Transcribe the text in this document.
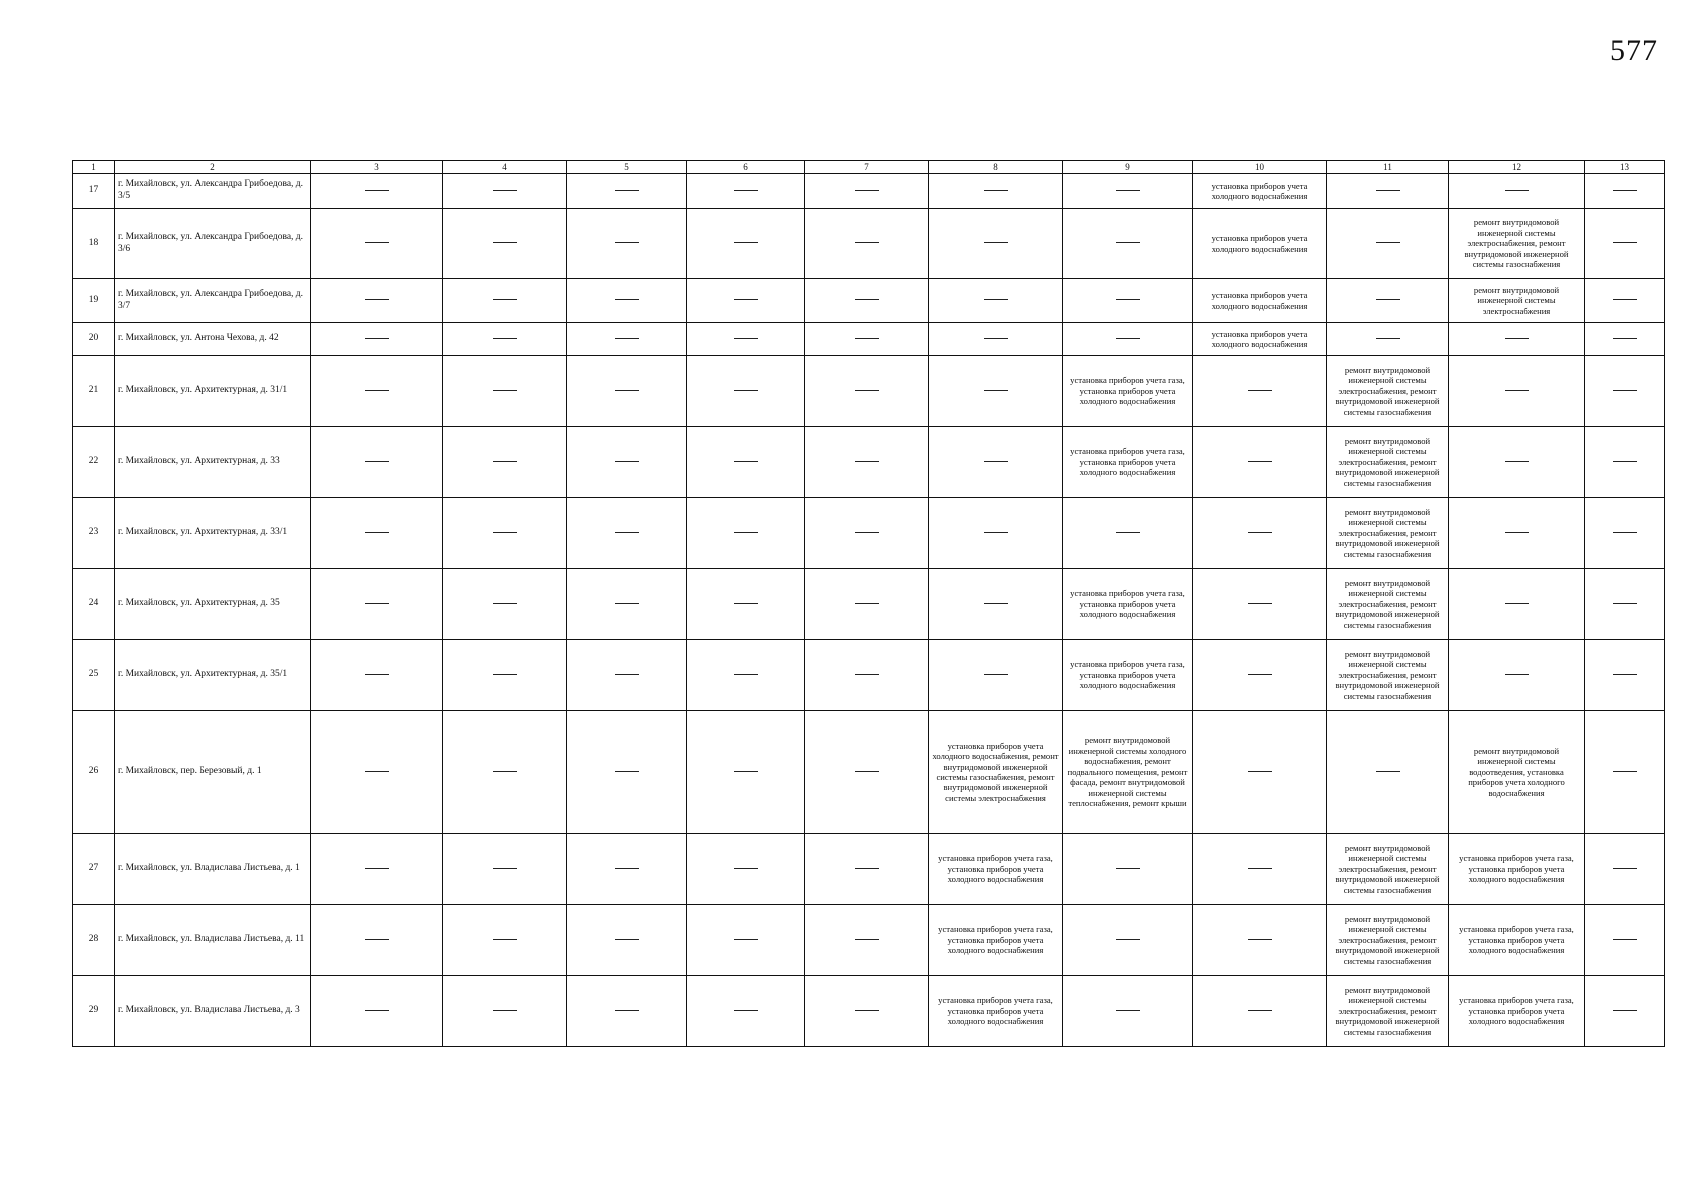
577
1	2	3	4	5	6	7	8	9	10	11	12	13
17	г. Михайловск, ул. Александра Грибоедова, д. 3/5								установка приборов учета холодного водоснабжения			
18	г. Михайловск, ул. Александра Грибоедова, д. 3/6								установка приборов учета холодного водоснабжения		ремонт внутридомовой инженерной системы электроснабжения, ремонт внутридомовой инженерной системы газоснабжения	
19	г. Михайловск, ул. Александра Грибоедова, д. 3/7								установка приборов учета холодного водоснабжения		ремонт внутридомовой инженерной системы электроснабжения	
20	г. Михайловск, ул. Антона Чехова, д. 42								установка приборов учета холодного водоснабжения			
21	г. Михайловск, ул. Архитектурная, д. 31/1							установка приборов учета газа, установка приборов учета холодного водоснабжения		ремонт внутридомовой инженерной системы электроснабжения, ремонт внутридомовой инженерной системы газоснабжения		
22	г. Михайловск, ул. Архитектурная, д. 33							установка приборов учета газа, установка приборов учета холодного водоснабжения		ремонт внутридомовой инженерной системы электроснабжения, ремонт внутридомовой инженерной системы газоснабжения		
23	г. Михайловск, ул. Архитектурная, д. 33/1									ремонт внутридомовой инженерной системы электроснабжения, ремонт внутридомовой инженерной системы газоснабжения		
24	г. Михайловск, ул. Архитектурная, д. 35							установка приборов учета газа, установка приборов учета холодного водоснабжения		ремонт внутридомовой инженерной системы электроснабжения, ремонт внутридомовой инженерной системы газоснабжения		
25	г. Михайловск, ул. Архитектурная, д. 35/1							установка приборов учета газа, установка приборов учета холодного водоснабжения		ремонт внутридомовой инженерной системы электроснабжения, ремонт внутридомовой инженерной системы газоснабжения		
26	г. Михайловск, пер. Березовый, д. 1						установка приборов учета холодного водоснабжения, ремонт внутридомовой инженерной системы газоснабжения, ремонт внутридомовой инженерной системы электроснабжения	ремонт внутридомовой инженерной системы холодного водоснабжения, ремонт подвального помещения, ремонт фасада, ремонт внутридомовой инженерной системы теплоснабжения, ремонт крыши			ремонт внутридомовой инженерной системы водоотведения, установка приборов учета холодного водоснабжения	
27	г. Михайловск, ул. Владислава Листьева, д. 1						установка приборов учета газа, установка приборов учета холодного водоснабжения			ремонт внутридомовой инженерной системы электроснабжения, ремонт внутридомовой инженерной системы газоснабжения	установка приборов учета газа, установка приборов учета холодного водоснабжения	
28	г. Михайловск, ул. Владислава Листьева, д. 11						установка приборов учета газа, установка приборов учета холодного водоснабжения			ремонт внутридомовой инженерной системы электроснабжения, ремонт внутридомовой инженерной системы газоснабжения	установка приборов учета газа, установка приборов учета холодного водоснабжения	
29	г. Михайловск, ул. Владислава Листьева, д. 3						установка приборов учета газа, установка приборов учета холодного водоснабжения			ремонт внутридомовой инженерной системы электроснабжения, ремонт внутридомовой инженерной системы газоснабжения	установка приборов учета газа, установка приборов учета холодного водоснабжения	
